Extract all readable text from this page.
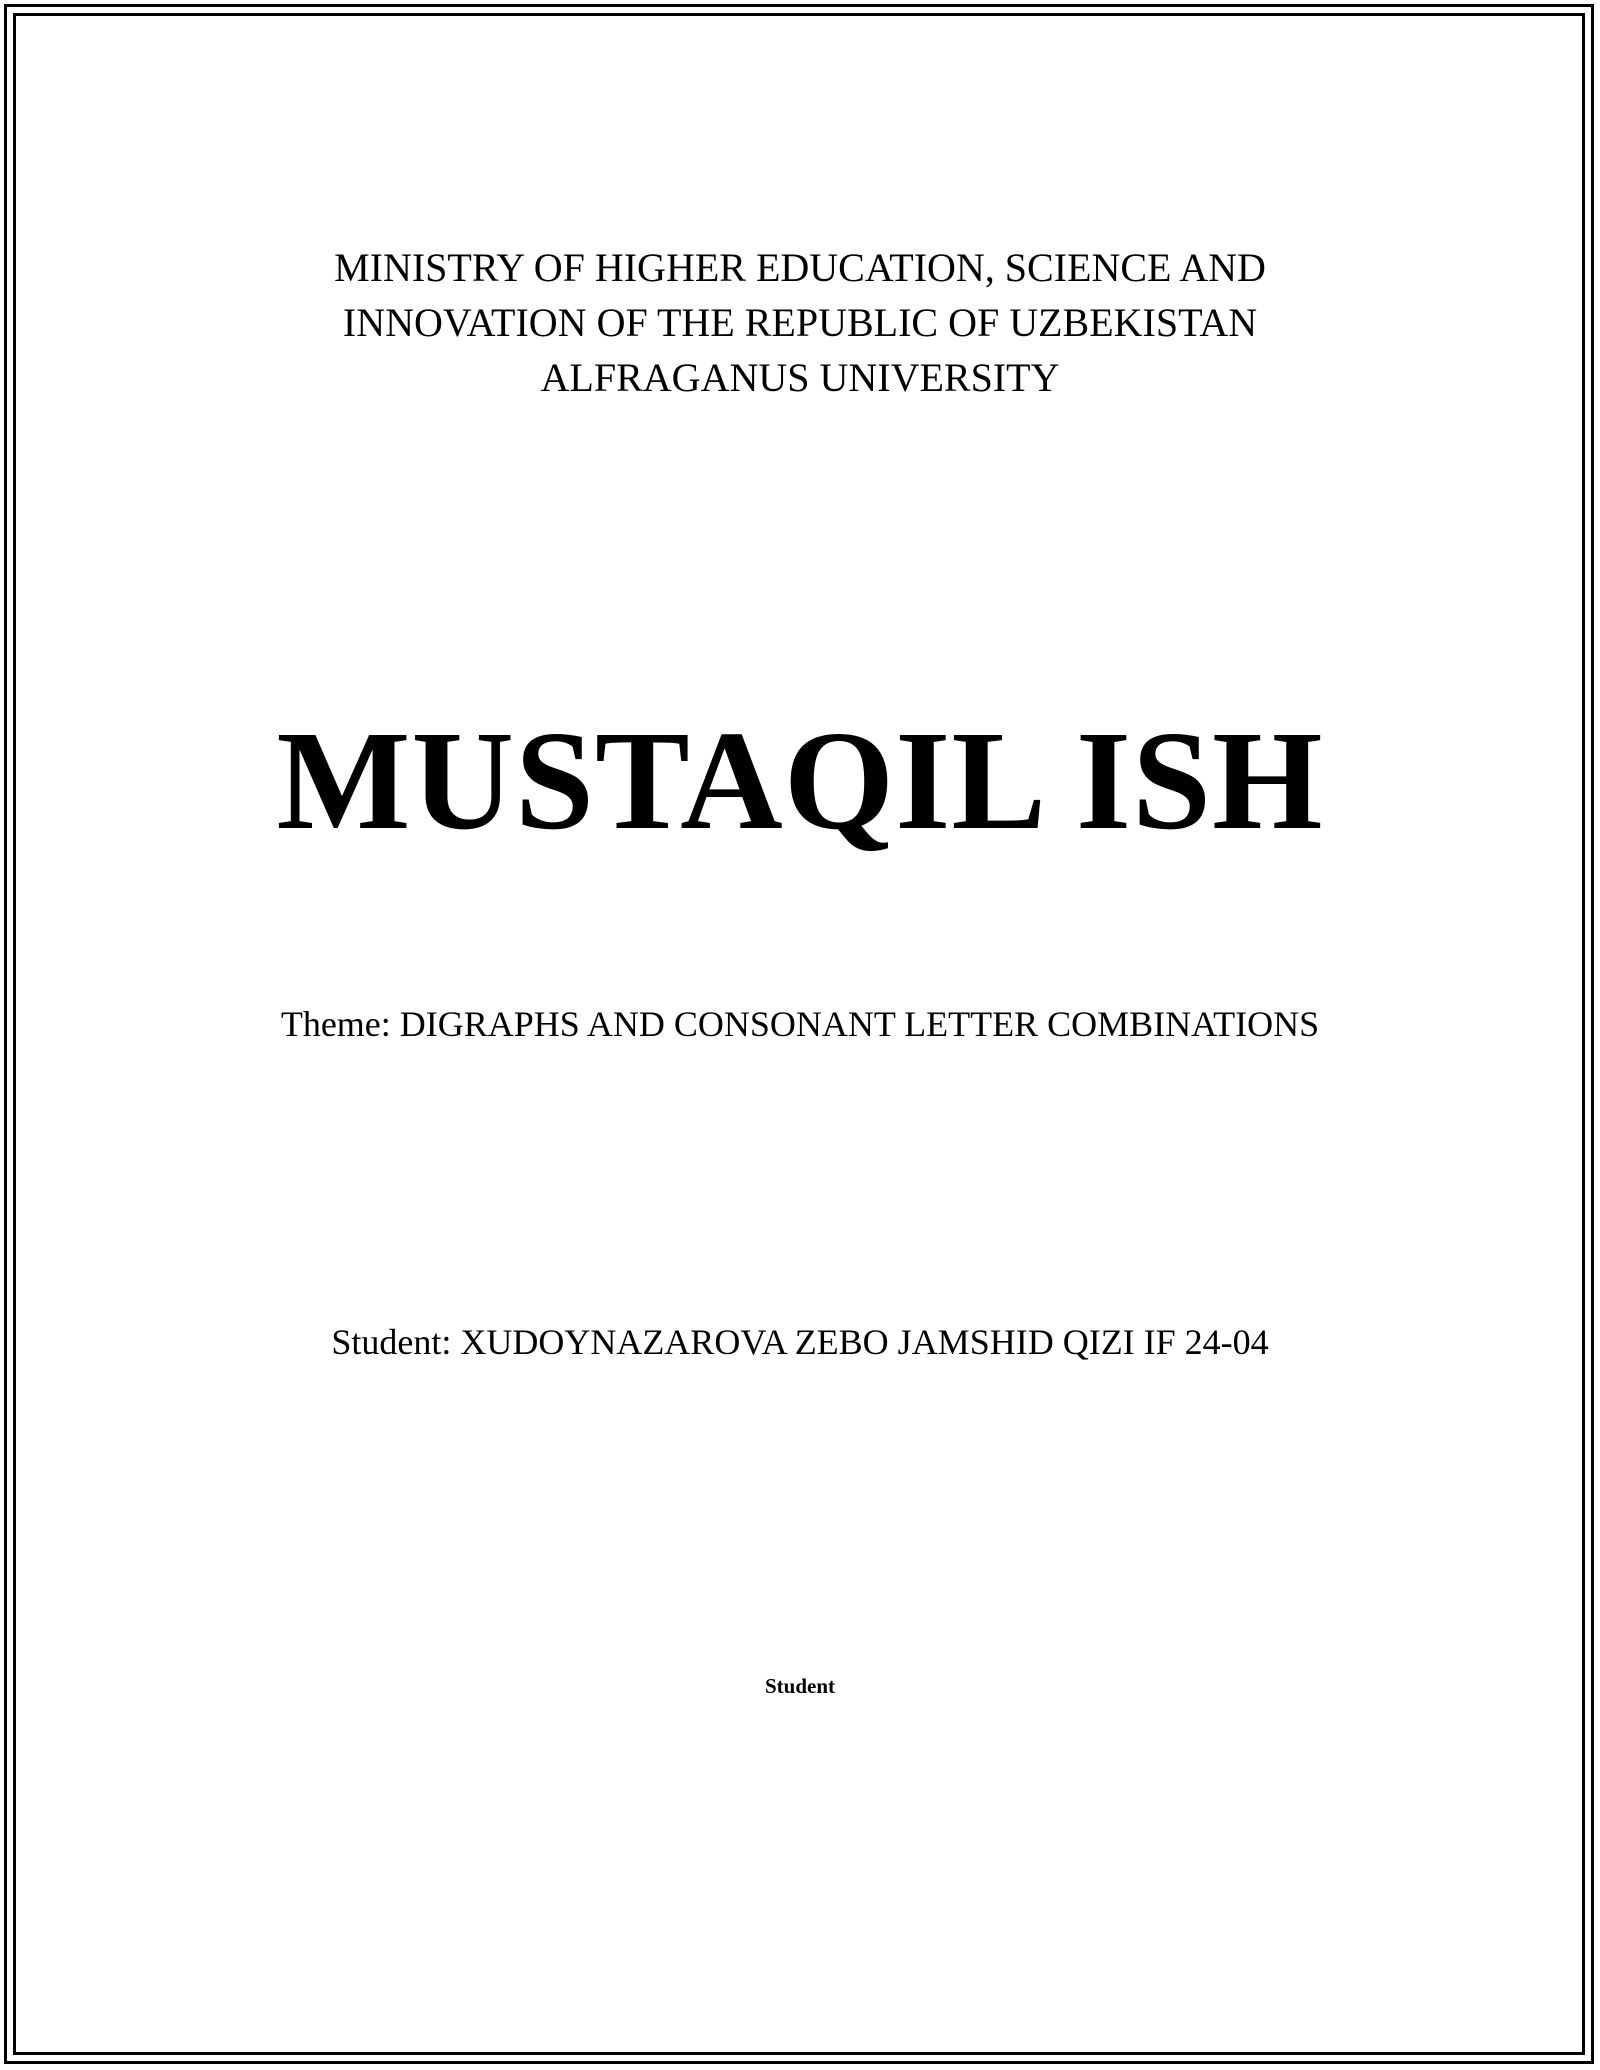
MINISTRY OF HIGHER EDUCATION, SCIENCE AND
INNOVATION OF THE REPUBLIC OF UZBEKISTAN
ALFRAGANUS UNIVERSITY
MUSTAQIL ISH
Theme: DIGRAPHS AND CONSONANT LETTER COMBINATIONS
Student: XUDOYNAZAROVA ZEBO JAMSHID QIZI IF 24-04
Student
